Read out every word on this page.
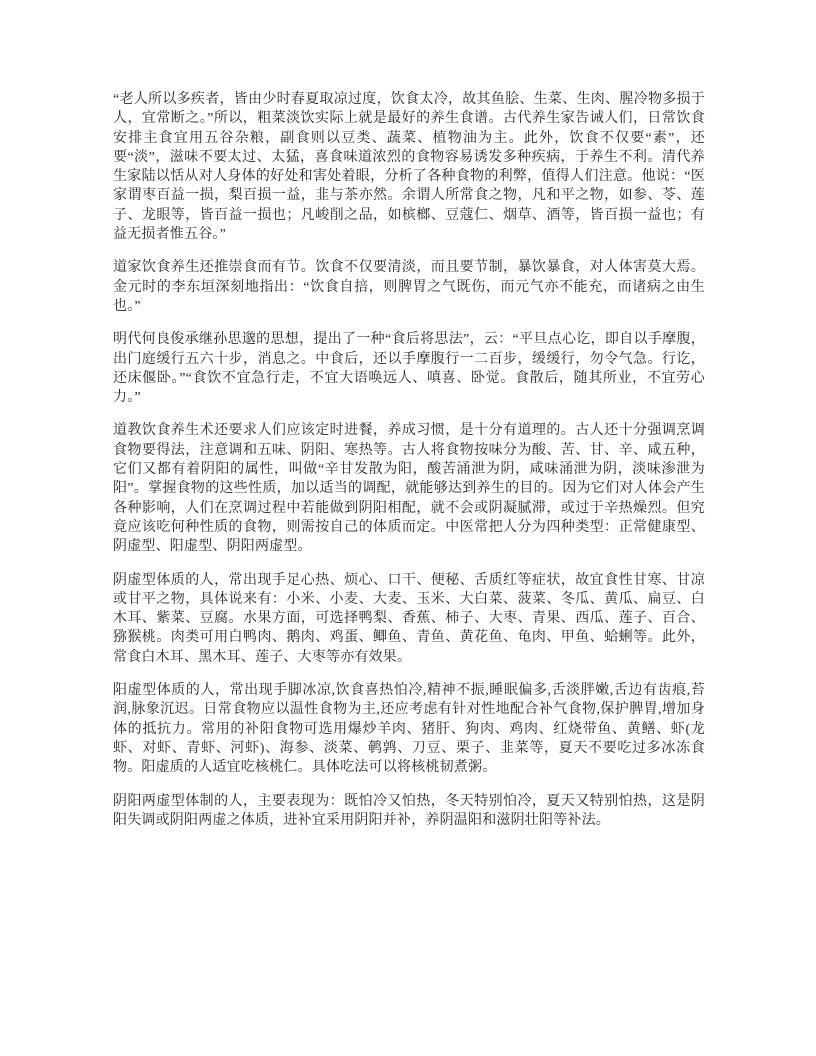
“老人所以多疾者，皆由少时春夏取凉过度，饮食太冷，故其鱼脍、生菜、生肉、腥冷物多损于人，宜常断之。”所以，粗菜淡饮实际上就是最好的养生食谱。古代养生家告诫人们，日常饮食安排主食宜用五谷杂粮，副食则以豆类、蔬菜、植物油为主。此外，饮食不仅要“素”，还要“淡”，滋味不要太过、太猛，喜食味道浓烈的食物容易诱发多种疾病，于养生不利。清代养生家陆以恬从对人身体的好处和害处着眼，分析了各种食物的利弊，值得人们注意。他说：“医家谓枣百益一损，梨百损一益，韭与茶亦然。余谓人所常食之物，凡和平之物，如参、苓、莲子、龙眼等，皆百益一损也；凡峻削之品，如槟榔、豆蔻仁、烟草、酒等，皆百损一益也；有益无损者惟五谷。”

道家饮食养生还推崇食而有节。饮食不仅要清淡，而且要节制，暴饮暴食，对人体害莫大焉。金元时的李东垣深刻地指出：“饮食自掊，则脾胃之气既伤，而元气亦不能充，而诸病之由生也。”

明代何良俊承继孙思邈的思想，提出了一种“食后将思法”，云：“平旦点心讫，即自以手摩腹，出门庭缓行五六十步，消息之。中食后，还以手摩腹行一二百步，缓缓行，勿令气急。行讫，还床偃卧。”“食饮不宜急行走，不宜大语唤远人、嗔喜、卧觉。食散后，随其所业，不宜劳心力。”

道教饮食养生术还要求人们应该定时进餐，养成习惯，是十分有道理的。古人还十分强调烹调食物要得法，注意调和五味、阴阳、寒热等。古人将食物按味分为酸、苦、甘、辛、咸五种，它们又都有着阴阳的属性，叫做“辛甘发散为阳，酸苦涌泄为阴，咸味涌泄为阴，淡味渗泄为阳”。掌握食物的这些性质，加以适当的调配，就能够达到养生的目的。因为它们对人体会产生各种影响，人们在烹调过程中若能做到阴阳相配，就不会或阴凝腻滞，或过于辛热燥烈。但究竟应该吃何种性质的食物，则需按自己的体质而定。中医常把人分为四种类型：正常健康型、阴虚型、阳虚型、阴阳两虚型。

阴虚型体质的人，常出现手足心热、烦心、口干、便秘、舌质红等症状，故宜食性甘寒、甘凉或甘平之物，具体说来有：小米、小麦、大麦、玉米、大白菜、菠菜、冬瓜、黄瓜、扁豆、白木耳、紫菜、豆腐。水果方面，可选择鸭梨、香蕉、柿子、大枣、青果、西瓜、莲子、百合、猕猴桃。肉类可用白鸭肉、鹅肉、鸡蛋、鲫鱼、青鱼、黄花鱼、龟肉、甲鱼、蛤蜊等。此外，常食白木耳、黑木耳、莲子、大枣等亦有效果。

阳虚型体质的人，常出现手脚冰凉,饮食喜热怕冷,精神不振,睡眠偏多,舌淡胖嫩,舌边有齿痕,苔润,脉象沉迟。日常食物应以温性食物为主,还应考虑有针对性地配合补气食物,保护脾胃,增加身体的抵抗力。常用的补阳食物可选用爆炒羊肉、猪肝、狗肉、鸡肉、红烧带鱼、黄鳝、虾(龙虾、对虾、青虾、河虾)、海参、淡菜、鹌鹑、刀豆、栗子、韭菜等，夏天不要吃过多冰冻食物。阳虚质的人适宜吃核桃仁。具体吃法可以将核桃韧煮粥。

阴阳两虚型体制的人，主要表现为：既怕冷又怕热，冬天特别怕冷，夏天又特别怕热，这是阴阳失调或阴阳两虚之体质，进补宜采用阴阳并补，养阴温阳和滋阴壮阳等补法。
